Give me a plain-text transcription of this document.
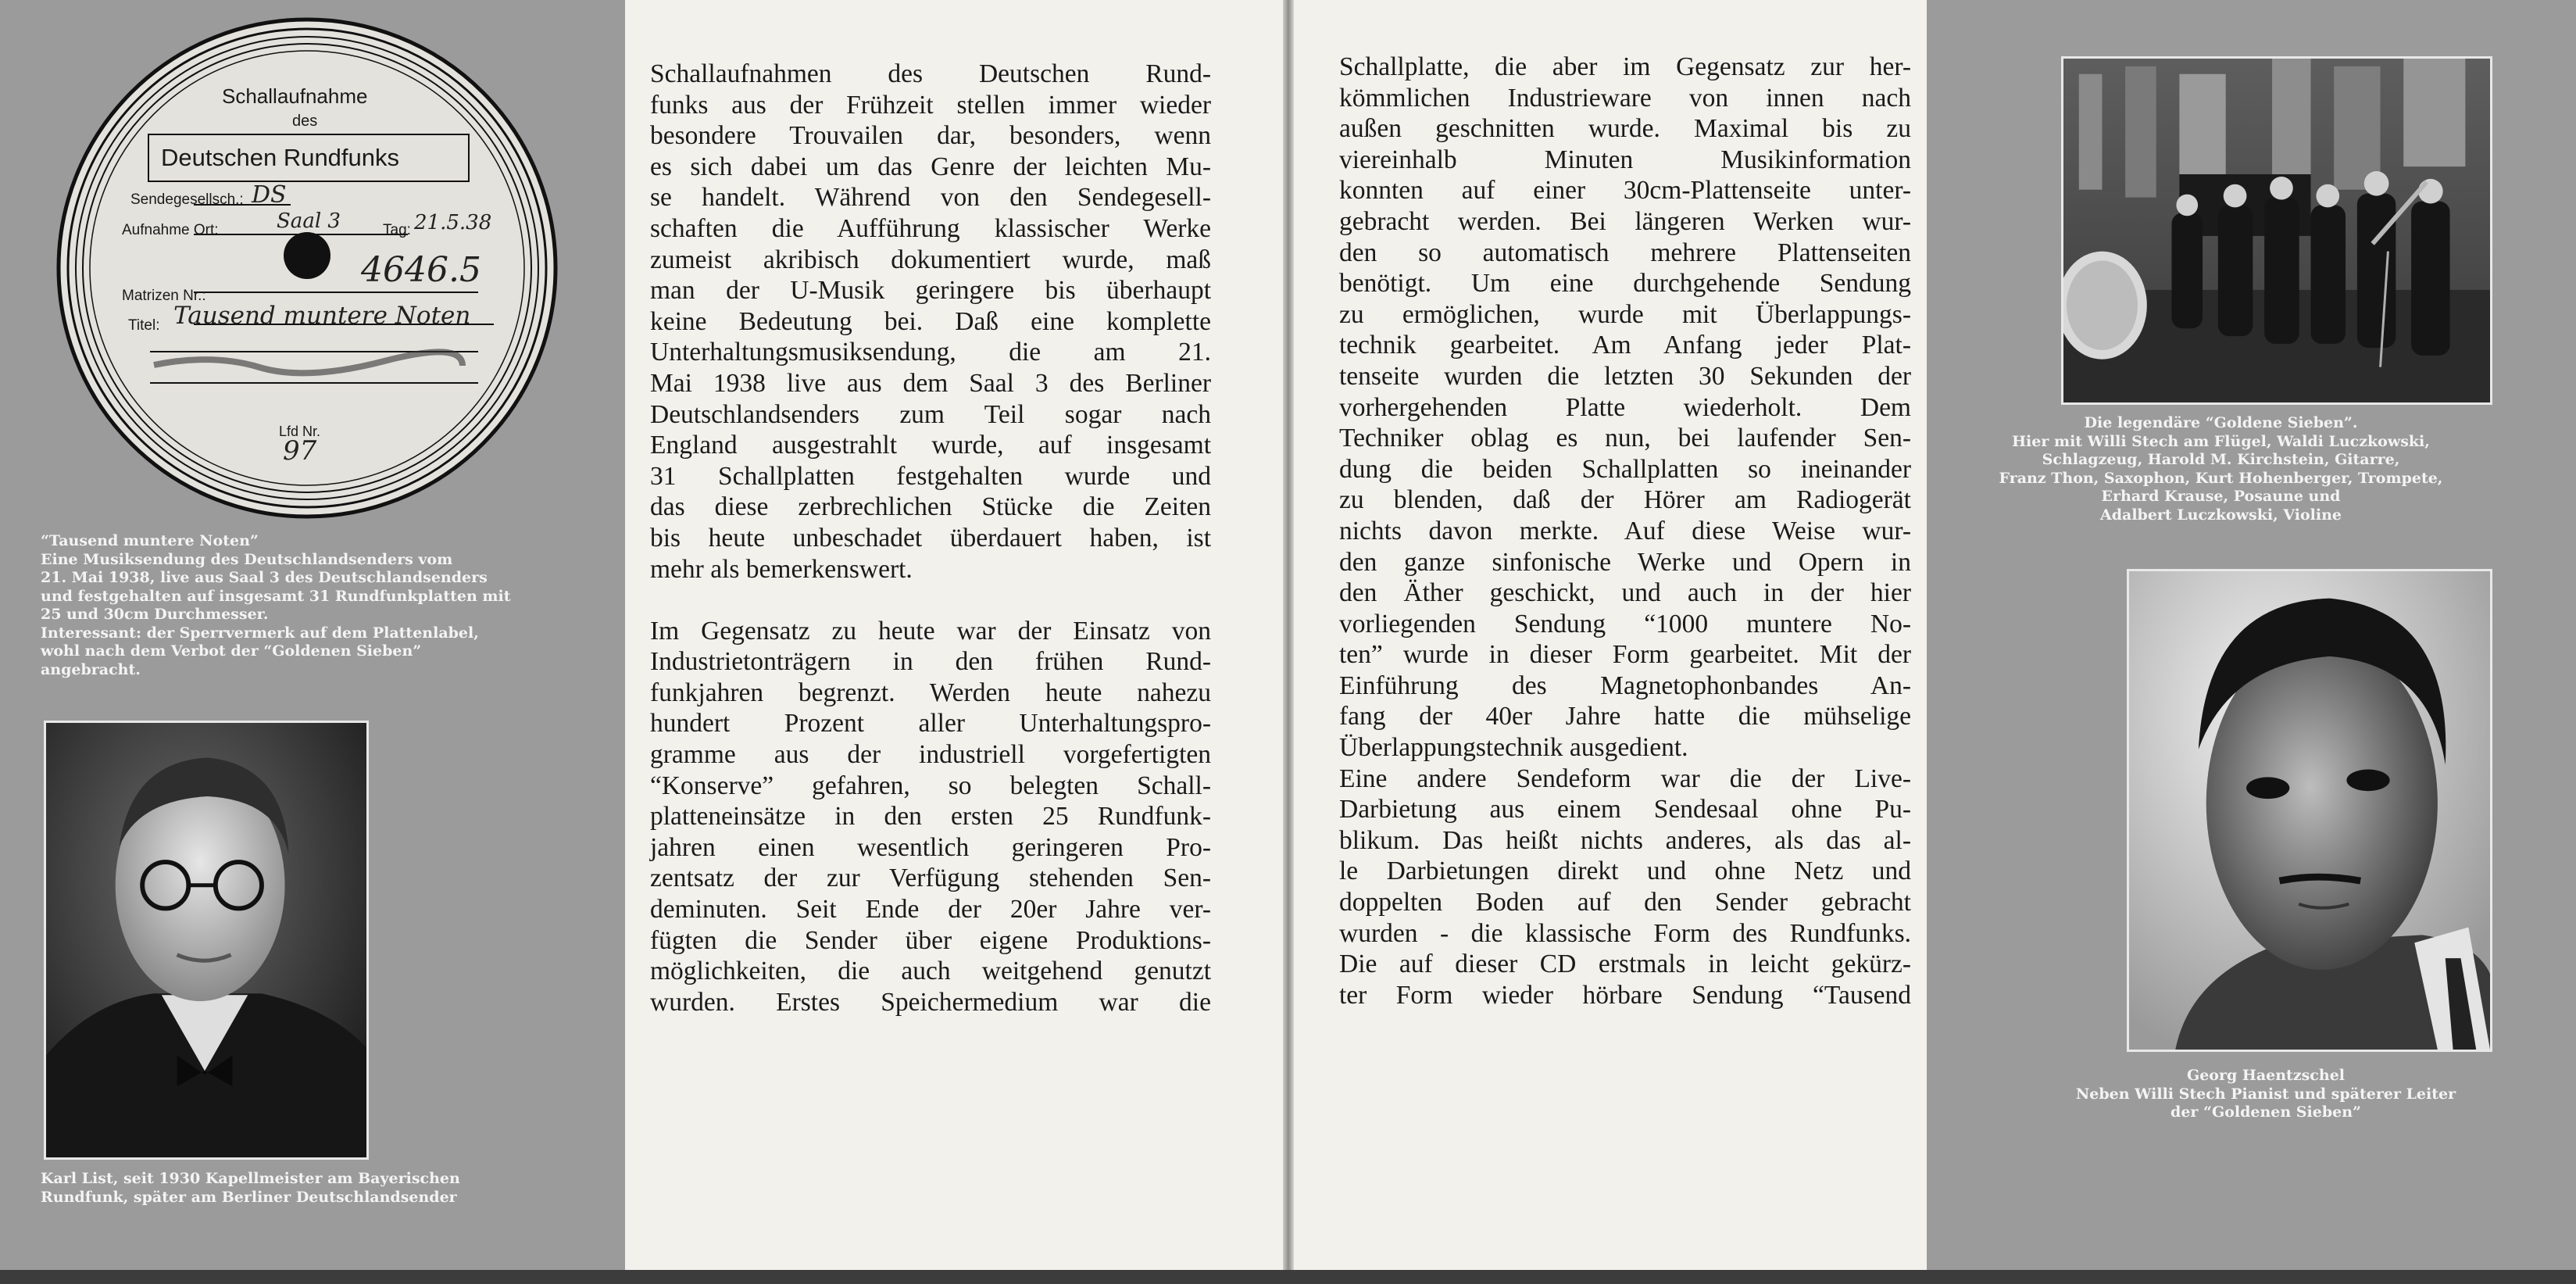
Schallaufnahme
des
Deutschen Rundfunks
Sendegesellsch.: DS
Aufnahme Ort:	Saal 3	Tag: 21.5.38
4646.5
Matrizen Nr.:
Titel: Tausend muntere Noten
Lfd Nr.
97
“Tausend muntere Noten”
Eine Musiksendung des Deutschlandsenders vom
21. Mai 1938, live aus Saal 3 des Deutschlandsenders
und festgehalten auf insgesamt 31 Rundfunkplatten mit
25 und 30cm Durchmesser.
Interessant: der Sperrvermerk auf dem Plattenlabel,
wohl nach dem Verbot der “Goldenen Sieben”
angebracht.
Karl List, seit 1930 Kapellmeister am Bayerischen
Rundfunk, später am Berliner Deutschlandsender
Schallaufnahmen des Deutschen Rund-
funks aus der Frühzeit stellen immer wieder
besondere Trouvailen dar, besonders, wenn
es sich dabei um das Genre der leichten Mu-
se handelt. Während von den Sendegesell-
schaften die Aufführung klassischer Werke
zumeist akribisch dokumentiert wurde, maß
man der U-Musik geringere bis überhaupt
keine Bedeutung bei. Daß eine komplette
Unterhaltungsmusiksendung, die am 21.
Mai 1938 live aus dem Saal 3 des Berliner
Deutschlandsenders zum Teil sogar nach
England ausgestrahlt wurde, auf insgesamt
31 Schallplatten festgehalten wurde und
das diese zerbrechlichen Stücke die Zeiten
bis heute unbeschadet überdauert haben, ist
mehr als bemerkenswert.
Im Gegensatz zu heute war der Einsatz von
Industrietonträgern in den frühen Rund-
funkjahren begrenzt. Werden heute nahezu
hundert Prozent aller Unterhaltungspro-
gramme aus der industriell vorgefertigten
“Konserve” gefahren, so belegten Schall-
platteneinsätze in den ersten 25 Rundfunk-
jahren einen wesentlich geringeren Pro-
zentsatz der zur Verfügung stehenden Sen-
deminuten. Seit Ende der 20er Jahre ver-
fügten die Sender über eigene Produktions-
möglichkeiten, die auch weitgehend genutzt
wurden. Erstes Speichermedium war die
Schallplatte, die aber im Gegensatz zur her-
kömmlichen Industrieware von innen nach
außen geschnitten wurde. Maximal bis zu
viereinhalb Minuten Musikinformation
konnten auf einer 30cm-Plattenseite unter-
gebracht werden. Bei längeren Werken wur-
den so automatisch mehrere Plattenseiten
benötigt. Um eine durchgehende Sendung
zu ermöglichen, wurde mit Überlappungs-
technik gearbeitet. Am Anfang jeder Plat-
tenseite wurden die letzten 30 Sekunden der
vorhergehenden Platte wiederholt. Dem
Techniker oblag es nun, bei laufender Sen-
dung die beiden Schallplatten so ineinander
zu blenden, daß der Hörer am Radiogerät
nichts davon merkte. Auf diese Weise wur-
den ganze sinfonische Werke und Opern in
den Äther geschickt, und auch in der hier
vorliegenden Sendung “1000 muntere No-
ten” wurde in dieser Form gearbeitet. Mit der
Einführung des Magnetophonbandes An-
fang der 40er Jahre hatte die mühselige
Überlappungstechnik ausgedient.
Eine andere Sendeform war die der Live-
Darbietung aus einem Sendesaal ohne Pu-
blikum. Das heißt nichts anderes, als das al-
le Darbietungen direkt und ohne Netz und
doppelten Boden auf den Sender gebracht
wurden - die klassische Form des Rundfunks.
Die auf dieser CD erstmals in leicht gekürz-
ter Form wieder hörbare Sendung “Tausend
Die legendäre “Goldene Sieben”.
Hier mit Willi Stech am Flügel, Waldi Luczkowski,
Schlagzeug, Harold M. Kirchstein, Gitarre,
Franz Thon, Saxophon, Kurt Hohenberger, Trompete,
Erhard Krause, Posaune und
Adalbert Luczkowski, Violine
Georg Haentzschel
Neben Willi Stech Pianist und späterer Leiter
der “Goldenen Sieben”
